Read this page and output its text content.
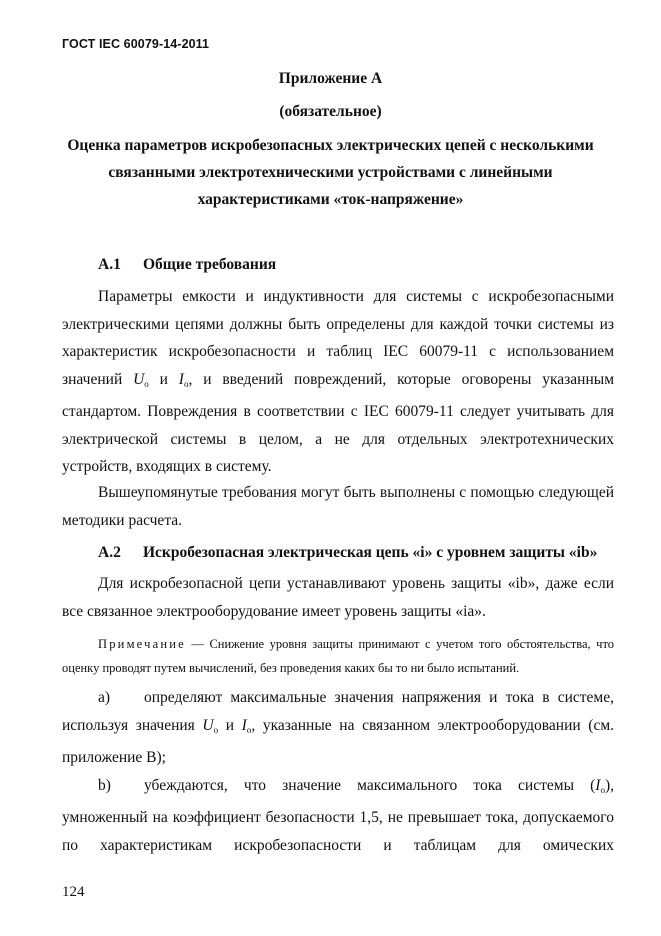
ГОСТ IEC 60079-14-2011
Приложение А
(обязательное)
Оценка параметров искробезопасных электрических цепей с несколькими
связанными электротехническими устройствами с линейными
характеристиками «ток-напряжение»
А.1 Общие требования
Параметры емкости и индуктивности для системы с искробезопасными электрическими цепями должны быть определены для каждой точки системы из характеристик искробезопасности и таблиц IEC 60079-11 с использованием значений $U_o$ и $I_o$, и введений повреждений, которые оговорены указанным стандартом. Повреждения в соответствии с IEC 60079-11 следует учитывать для электрической системы в целом, а не для отдельных электротехнических устройств, входящих в систему.
Вышеупомянутые требования могут быть выполнены с помощью следующей методики расчета.
А.2 Искробезопасная электрическая цепь «i» с уровнем защиты «ib»
Для искробезопасной цепи устанавливают уровень защиты «ib», даже если все связанное электрооборудование имеет уровень защиты «ia».
Примечание — Снижение уровня защиты принимают с учетом того обстоятельства, что оценку проводят путем вычислений, без проведения каких бы то ни было испытаний.
а) определяют максимальные значения напряжения и тока в системе, используя значения $U_o$ и $I_o$, указанные на связанном электрооборудовании (см. приложение В);
b) убеждаются, что значение максимального тока системы $(I_o)$, умноженный на коэффициент безопасности 1,5, не превышает тока, допускаемого по характеристикам искробезопасности и таблицам для омических
124
